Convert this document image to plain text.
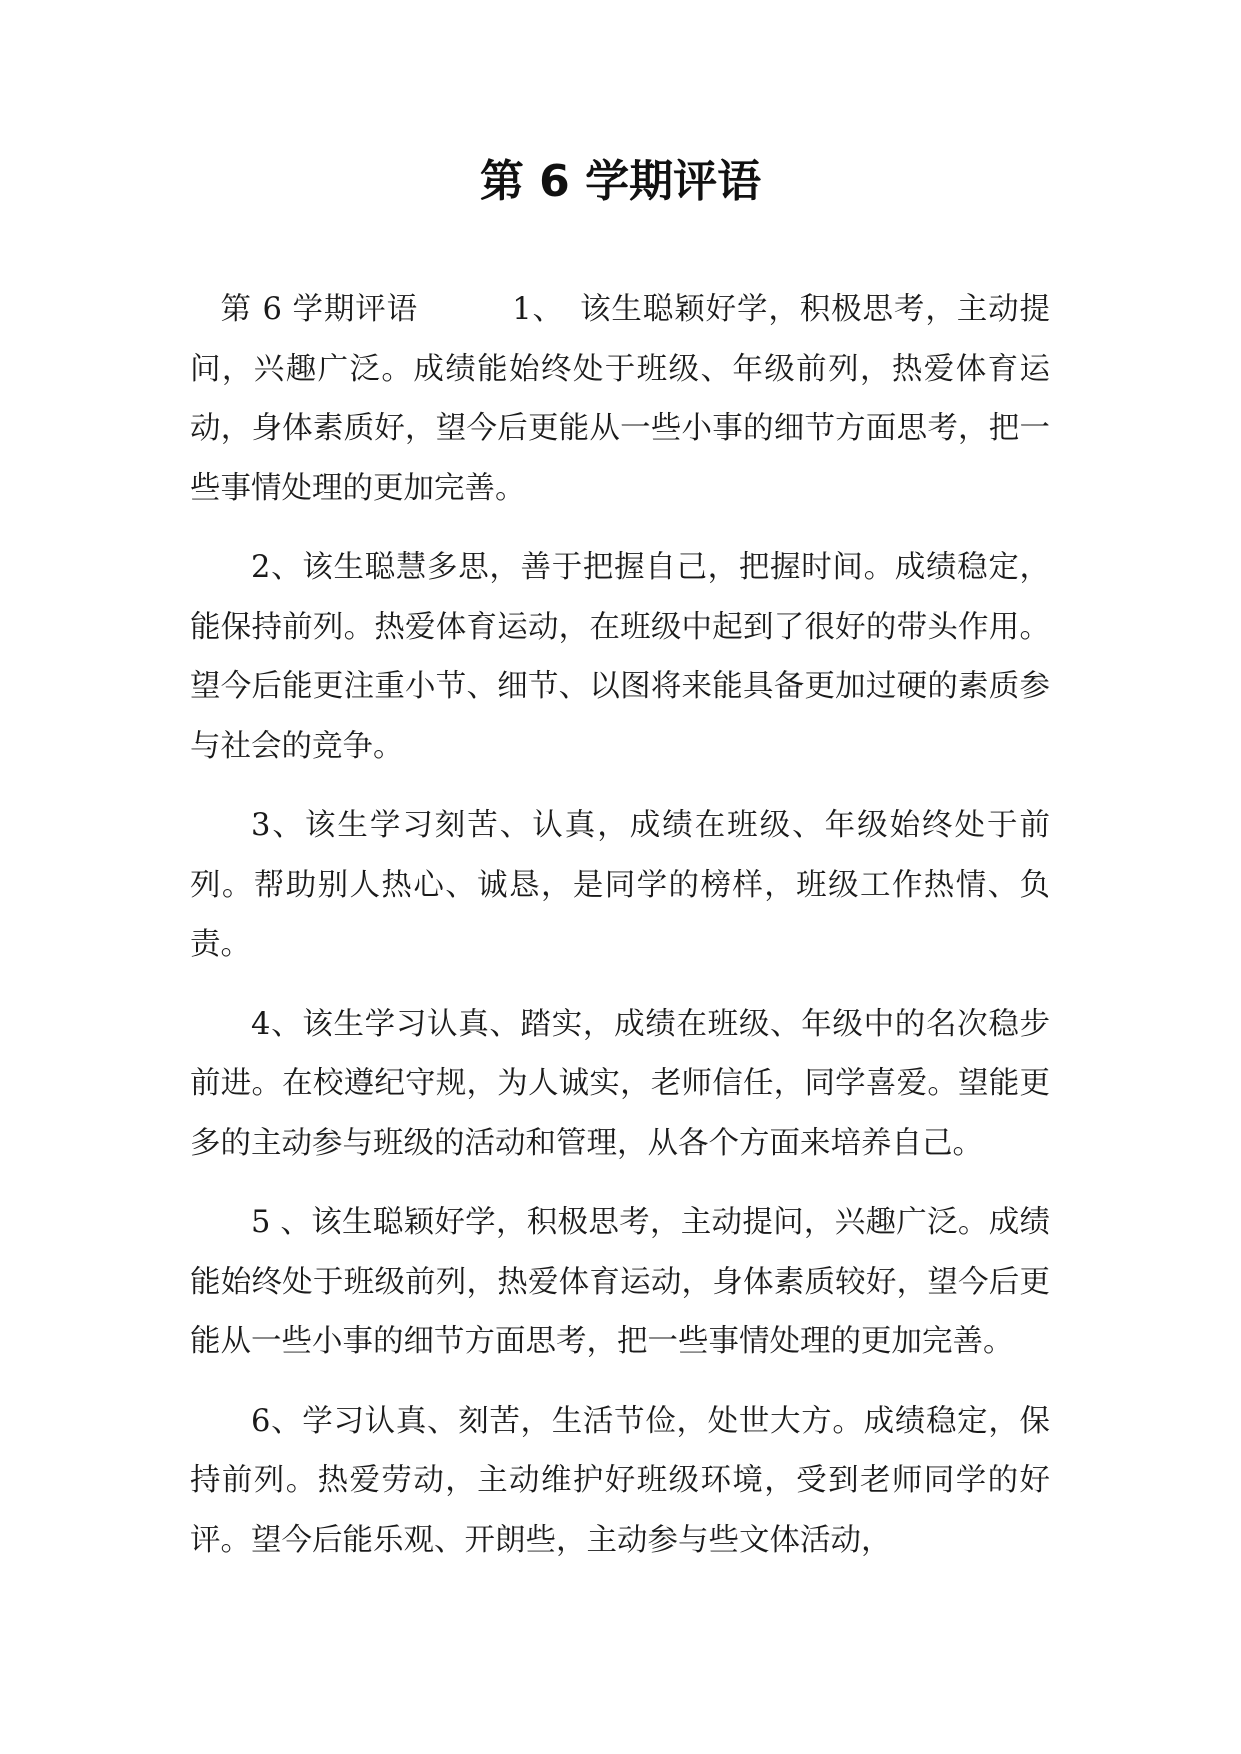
第 6 学期评语

第 6 学期评语　　　1、　该生聪颖好学，积极思考，主动提问，兴趣广泛。成绩能始终处于班级、年级前列，热爱体育运动，身体素质好，望今后更能从一些小事的细节方面思考，把一些事情处理的更加完善。

2、该生聪慧多思，善于把握自己，把握时间。成绩稳定，能保持前列。热爱体育运动，在班级中起到了很好的带头作用。望今后能更注重小节、细节、以图将来能具备更加过硬的素质参与社会的竞争。

3、该生学习刻苦、认真，成绩在班级、年级始终处于前列。帮助别人热心、诚恳，是同学的榜样，班级工作热情、负责。

4、该生学习认真、踏实，成绩在班级、年级中的名次稳步前进。在校遵纪守规，为人诚实，老师信任，同学喜爱。望能更多的主动参与班级的活动和管理，从各个方面来培养自己。

5 、该生聪颖好学，积极思考，主动提问，兴趣广泛。成绩能始终处于班级前列，热爱体育运动，身体素质较好，望今后更能从一些小事的细节方面思考，把一些事情处理的更加完善。

6、学习认真、刻苦，生活节俭，处世大方。成绩稳定，保持前列。热爱劳动，主动维护好班级环境，受到老师同学的好评。望今后能乐观、开朗些，主动参与些文体活动，
